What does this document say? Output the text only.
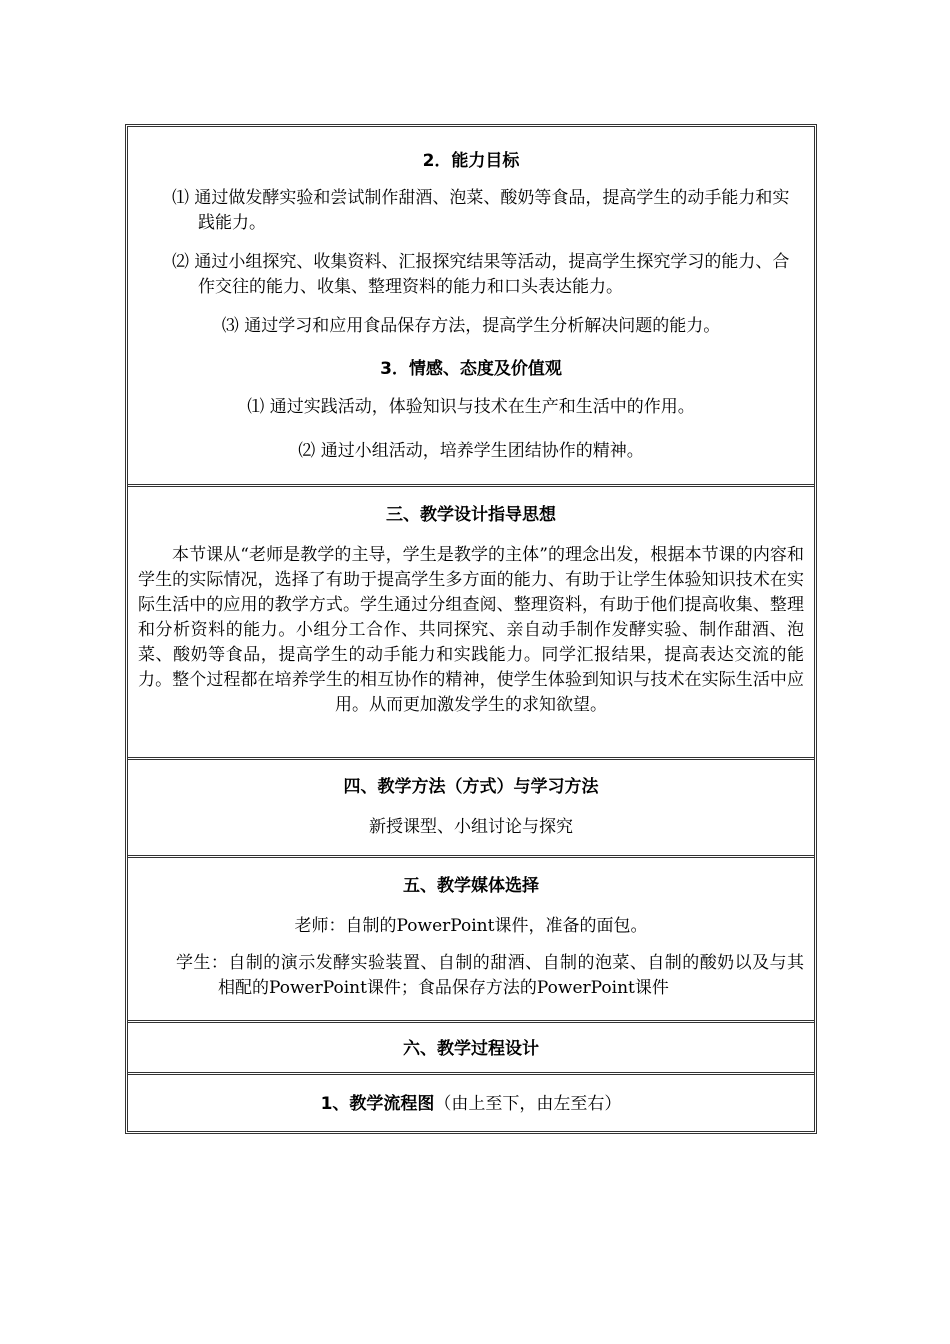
2．能力目标
⑴ 通过做发酵实验和尝试制作甜酒、泡菜、酸奶等食品，提高学生的动手能力和实践能力。
⑵ 通过小组探究、收集资料、汇报探究结果等活动，提高学生探究学习的能力、合作交往的能力、收集、整理资料的能力和口头表达能力。
⑶ 通过学习和应用食品保存方法，提高学生分析解决问题的能力。
3．情感、态度及价值观
⑴ 通过实践活动，体验知识与技术在生产和生活中的作用。
⑵ 通过小组活动，培养学生团结协作的精神。
三、教学设计指导思想
本节课从“老师是教学的主导，学生是教学的主体”的理念出发，根据本节课的内容和学生的实际情况，选择了有助于提高学生多方面的能力、有助于让学生体验知识技术在实际生活中的应用的教学方式。学生通过分组查阅、整理资料，有助于他们提高收集、整理和分析资料的能力。小组分工合作、共同探究、亲自动手制作发酵实验、制作甜酒、泡菜、酸奶等食品，提高学生的动手能力和实践能力。同学汇报结果，提高表达交流的能力。整个过程都在培养学生的相互协作的精神，使学生体验到知识与技术在实际生活中应用。从而更加激发学生的求知欲望。
四、教学方法（方式）与学习方法
新授课型、小组讨论与探究
五、教学媒体选择
老师：自制的PowerPoint课件，准备的面包。
学生：自制的演示发酵实验装置、自制的甜酒、自制的泡菜、自制的酸奶以及与其相配的PowerPoint课件；食品保存方法的PowerPoint课件
六、教学过程设计
1、教学流程图（由上至下，由左至右）
